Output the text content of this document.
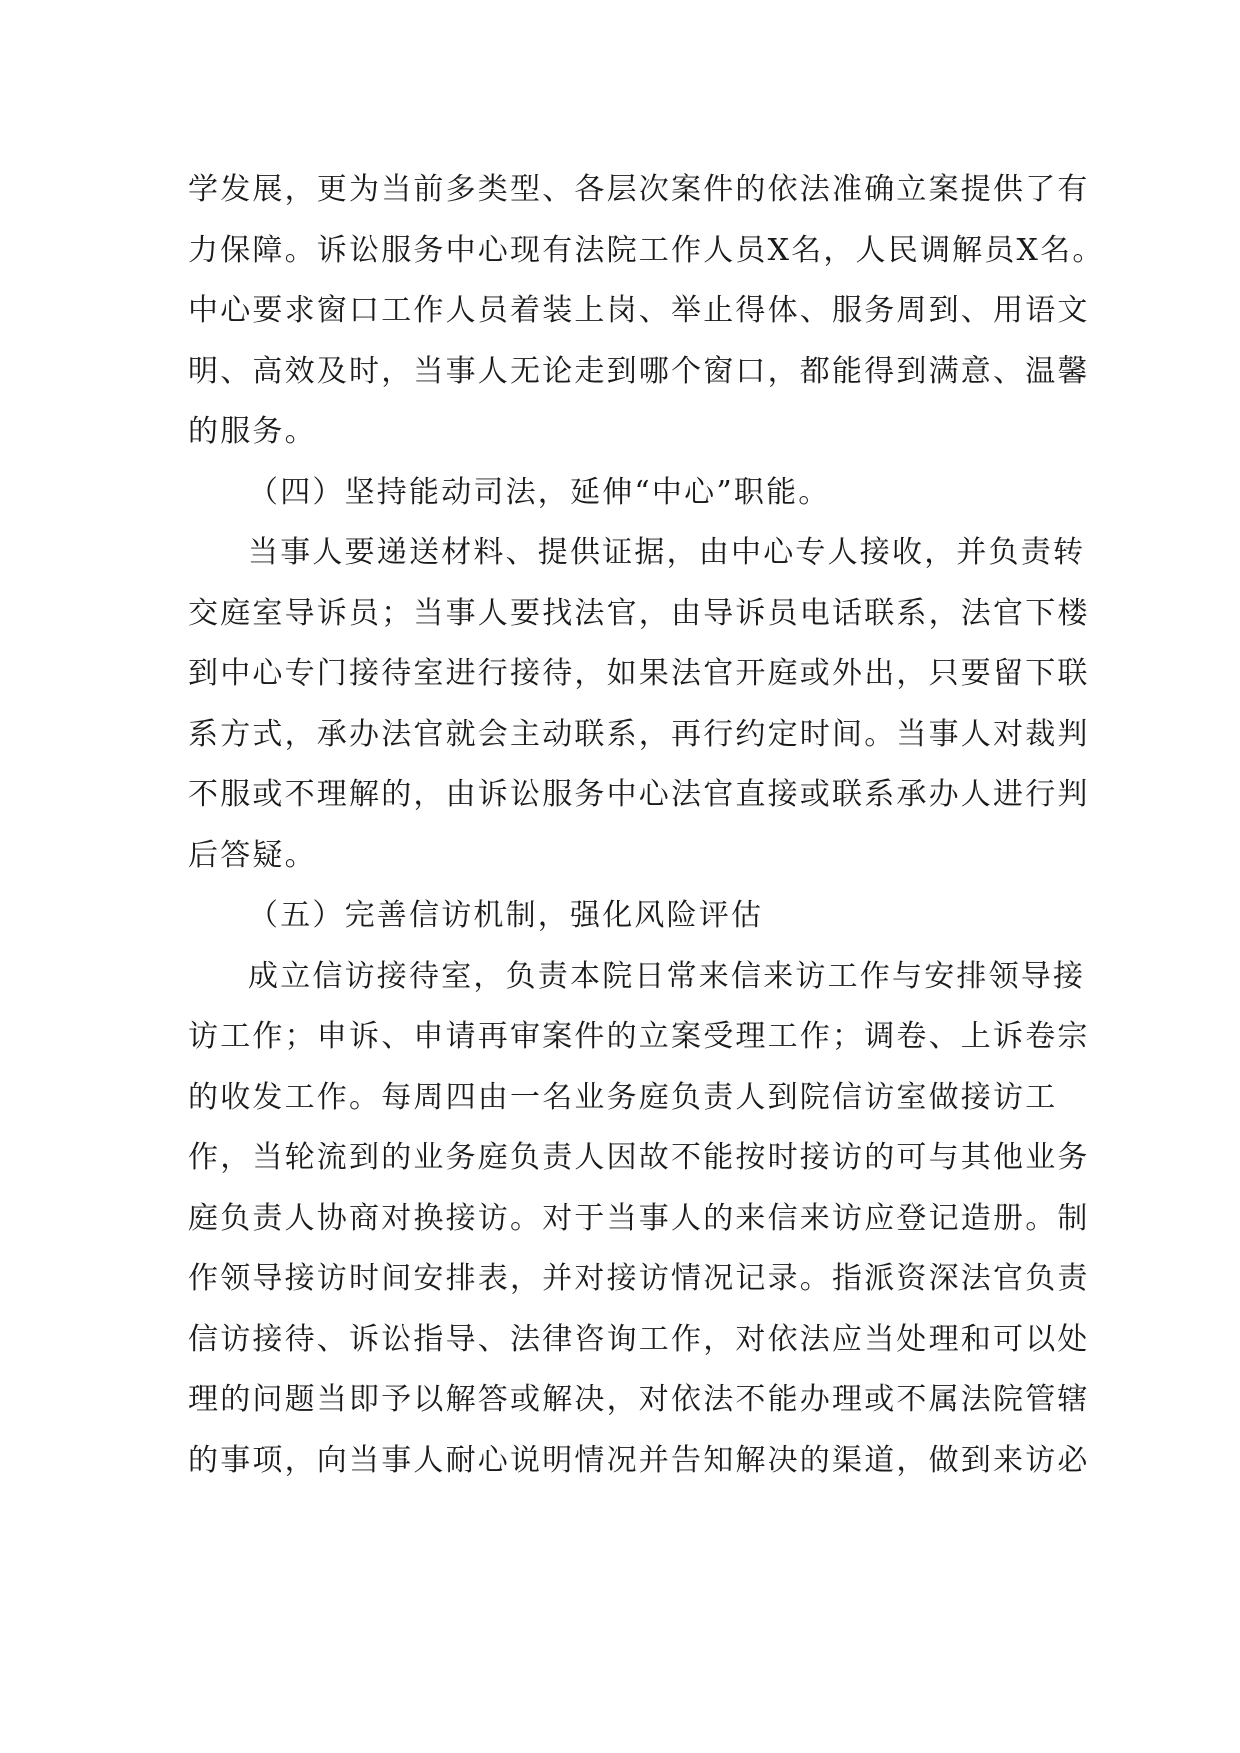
学发展，更为当前多类型、各层次案件的依法准确立案提供了有
力保障。诉讼服务中心现有法院工作人员X名，人民调解员X名。
中心要求窗口工作人员着装上岗、举止得体、服务周到、用语文
明、高效及时，当事人无论走到哪个窗口，都能得到满意、温馨
的服务。
（四）坚持能动司法，延伸“中心”职能。
当事人要递送材料、提供证据，由中心专人接收，并负责转
交庭室导诉员；当事人要找法官，由导诉员电话联系，法官下楼
到中心专门接待室进行接待，如果法官开庭或外出，只要留下联
系方式，承办法官就会主动联系，再行约定时间。当事人对裁判
不服或不理解的，由诉讼服务中心法官直接或联系承办人进行判
后答疑。
（五）完善信访机制，强化风险评估
成立信访接待室，负责本院日常来信来访工作与安排领导接
访工作；申诉、申请再审案件的立案受理工作；调卷、上诉卷宗
的收发工作。每周四由一名业务庭负责人到院信访室做接访工
作，当轮流到的业务庭负责人因故不能按时接访的可与其他业务
庭负责人协商对换接访。对于当事人的来信来访应登记造册。制
作领导接访时间安排表，并对接访情况记录。指派资深法官负责
信访接待、诉讼指导、法律咨询工作，对依法应当处理和可以处
理的问题当即予以解答或解决，对依法不能办理或不属法院管辖
的事项，向当事人耐心说明情况并告知解决的渠道，做到来访必
